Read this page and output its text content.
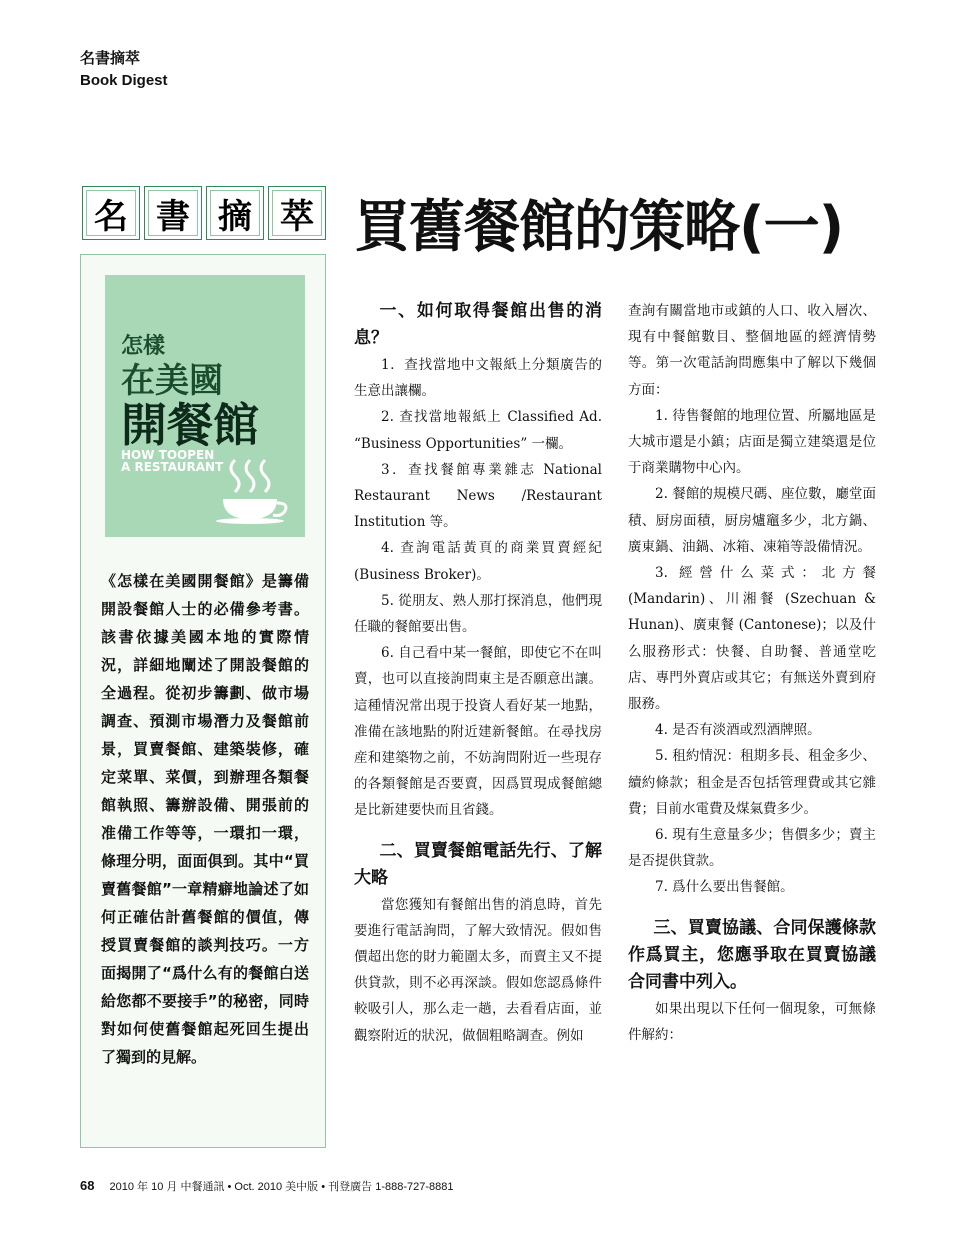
名書摘萃
Book Digest
名 書 摘 萃 買舊餐館的策略(一)
怎樣
在美國
開餐館
HOW TOOPEN
A RESTAURANT
《怎樣在美國開餐館》是籌備開設餐館人士的必備參考書。該書依據美國本地的實際情況，詳細地闡述了開設餐館的全過程。從初步籌劃、做市場調查、預測市場潛力及餐館前景，買賣餐館、建築裝修，確定菜單、菜價，到辦理各類餐館執照、籌辦設備、開張前的准備工作等等，一環扣一環，條理分明，面面俱到。其中“買賣舊餐館”一章精癖地論述了如何正確估計舊餐館的價值，傳授買賣餐館的談判技巧。一方面揭開了“爲什么有的餐館白送給您都不要接手”的秘密，同時對如何使舊餐館起死回生提出了獨到的見解。
一、如何取得餐館出售的消息？

1．查找當地中文報紙上分類廣告的生意出讓欄。

2. 查找當地報紙上 Classified Ad. “Business Opportunities” 一欄。

3．查找餐館專業雜志 National Restaurant News /Restaurant Institution 等。

4. 查詢電話黃頁的商業買賣經紀 (Business Broker)。

5. 從朋友、熟人那打探消息，他們現任職的餐館要出售。

6. 自己看中某一餐館，即使它不在叫賣，也可以直接詢問東主是否願意出讓。這種情況常出現于投資人看好某一地點，准備在該地點的附近建新餐館。在尋找房産和建築物之前，不妨詢問附近一些現存的各類餐館是否要賣，因爲買現成餐館總是比新建要快而且省錢。

二、買賣餐館電話先行、了解大略

當您獲知有餐館出售的消息時，首先要進行電話詢問，了解大致情況。假如售價超出您的財力範圍太多，而賣主又不提供貸款，則不必再深談。假如您認爲條件較吸引人，那么走一趟，去看看店面，並觀察附近的狀況，做個粗略調查。例如

查詢有關當地市或鎮的人口、收入層次、現有中餐館數目、整個地區的經濟情勢等。第一次電話詢問應集中了解以下幾個方面：

1. 待售餐館的地理位置、所屬地區是大城市還是小鎮；店面是獨立建築還是位于商業購物中心內。

2. 餐館的規模尺碼、座位數，廳堂面積、厨房面積，厨房爐竈多少，北方鍋、廣東鍋、油鍋、冰箱、凍箱等設備情況。

3. 經營什么菜式：北方餐 (Mandarin)、川湘餐 (Szechuan & Hunan)、廣東餐 (Cantonese)；以及什么服務形式：快餐、自助餐、普通堂吃店、專門外賣店或其它；有無送外賣到府服務。

4. 是否有淡酒或烈酒牌照。

5. 租約情況：租期多長、租金多少、續約條款；租金是否包括管理費或其它雜費；目前水電費及煤氣費多少。

6. 現有生意量多少；售價多少；賣主是否提供貸款。

7. 爲什么要出售餐館。

三、買賣協議、合同保護條款作爲買主，您應爭取在買賣協議合同書中列入。

如果出現以下任何一個現象，可無條件解約：

68 2010 年 10 月 中餐通訊 • Oct. 2010 美中版 • 刊登廣告 1-888-727-8881
